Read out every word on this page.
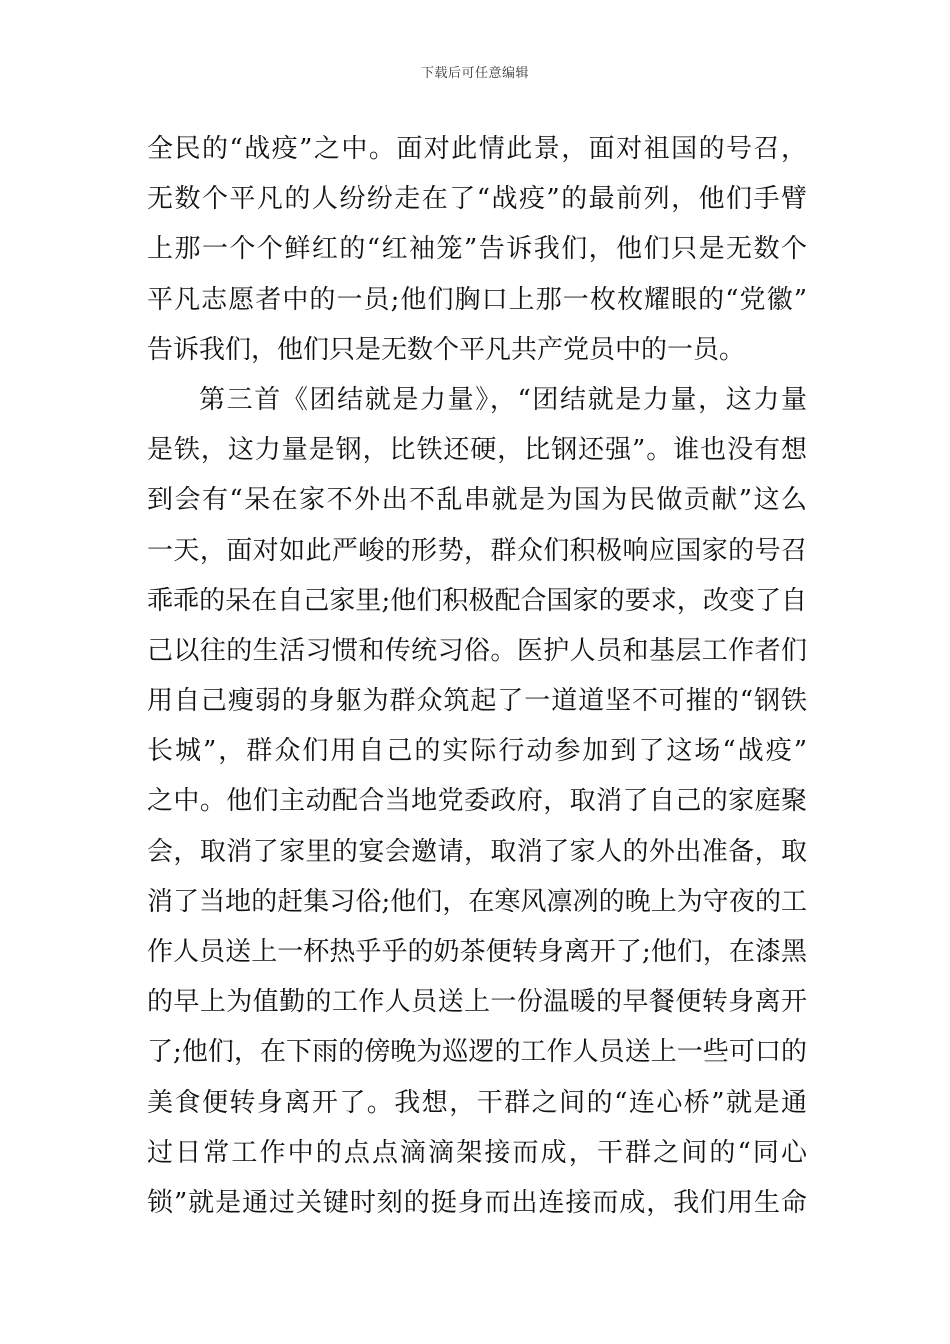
下载后可任意编辑
全民的“战疫”之中。面对此情此景，面对祖国的号召，
无数个平凡的人纷纷走在了“战疫”的最前列，他们手臂
上那一个个鲜红的“红袖笼”告诉我们，他们只是无数个
平凡志愿者中的一员;他们胸口上那一枚枚耀眼的“党徽”
告诉我们，他们只是无数个平凡共产党员中的一员。
第三首《团结就是力量》，“团结就是力量，这力量
是铁，这力量是钢，比铁还硬，比钢还强”。谁也没有想
到会有“呆在家不外出不乱串就是为国为民做贡献”这么
一天，面对如此严峻的形势，群众们积极响应国家的号召
乖乖的呆在自己家里;他们积极配合国家的要求，改变了自
己以往的生活习惯和传统习俗。医护人员和基层工作者们
用自己瘦弱的身躯为群众筑起了一道道坚不可摧的“钢铁
长城”，群众们用自己的实际行动参加到了这场“战疫”
之中。他们主动配合当地党委政府，取消了自己的家庭聚
会，取消了家里的宴会邀请，取消了家人的外出准备，取
消了当地的赶集习俗;他们，在寒风凛冽的晚上为守夜的工
作人员送上一杯热乎乎的奶茶便转身离开了;他们，在漆黑
的早上为值勤的工作人员送上一份温暖的早餐便转身离开
了;他们，在下雨的傍晚为巡逻的工作人员送上一些可口的
美食便转身离开了。我想，干群之间的“连心桥”就是通
过日常工作中的点点滴滴架接而成，干群之间的“同心
锁”就是通过关键时刻的挺身而出连接而成，我们用生命
